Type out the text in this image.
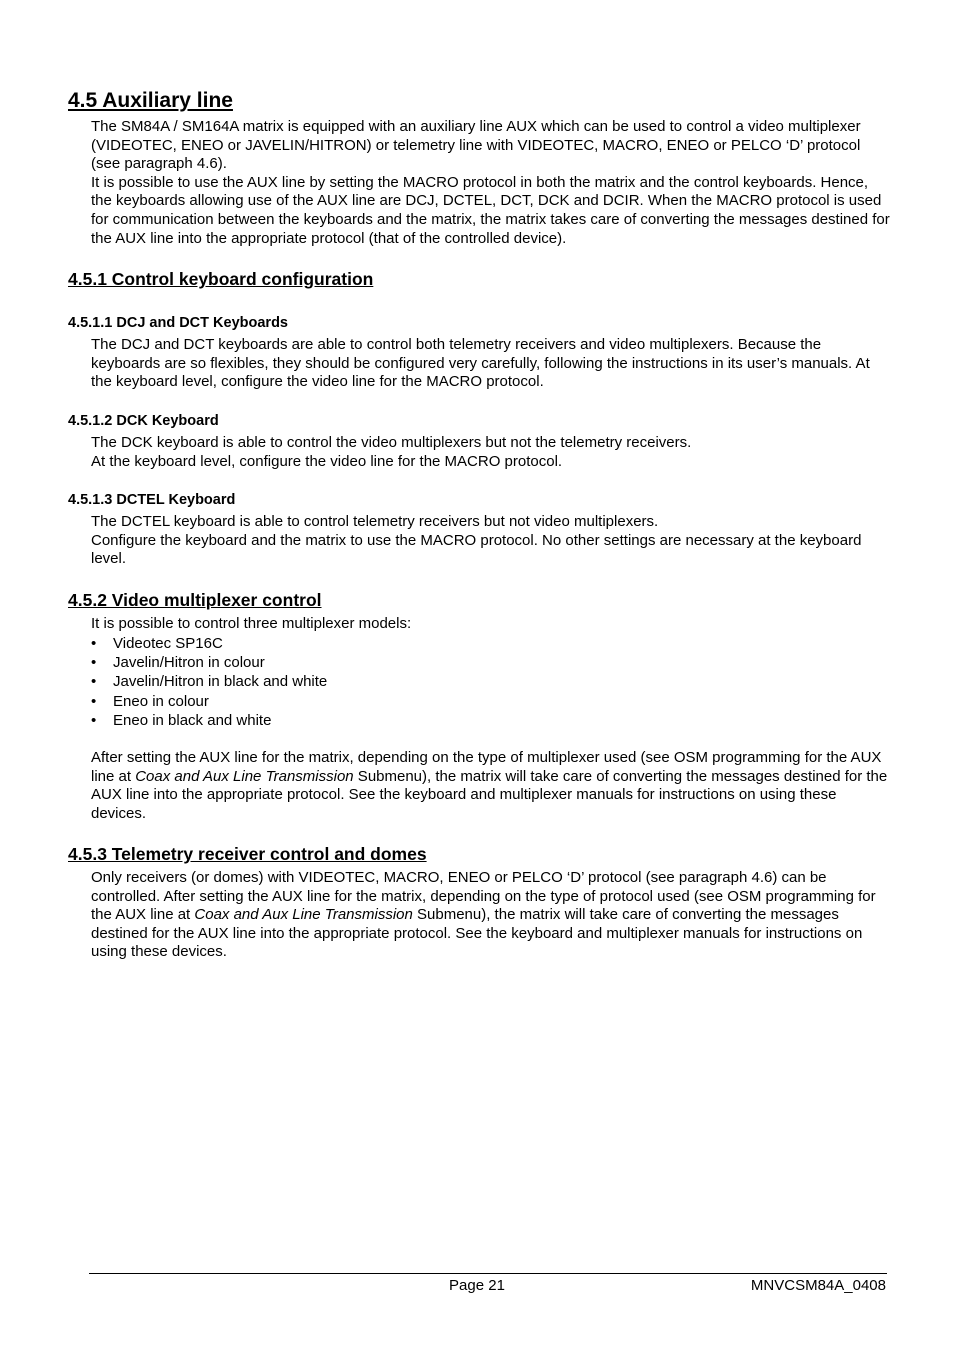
4.5 Auxiliary line

The SM84A / SM164A matrix is equipped with an auxiliary line AUX which can be used to control a video multiplexer (VIDEOTEC, ENEO or JAVELIN/HITRON) or telemetry line with VIDEOTEC, MACRO, ENEO or PELCO ‘D’ protocol (see paragraph 4.6).

It is possible to use the AUX line by setting the MACRO protocol in both the matrix and the control keyboards. Hence, the keyboards allowing use of the AUX line are DCJ, DCTEL, DCT, DCK and DCIR. When the MACRO protocol is used for communication between the keyboards and the matrix, the matrix takes care of converting the messages destined for the AUX line into the appropriate protocol (that of the controlled device).

4.5.1 Control keyboard configuration
4.5.1.1 DCJ and DCT Keyboards

The DCJ and DCT keyboards are able to control both telemetry receivers and video multiplexers. Because the keyboards are so flexibles, they should be configured very carefully, following the instructions in its user’s manuals. At the keyboard level, configure the video line for the MACRO protocol.

4.5.1.2 DCK Keyboard

The DCK keyboard is able to control the video multiplexers but not the telemetry receivers.

At the keyboard level, configure the video line for the MACRO protocol.

4.5.1.3 DCTEL Keyboard

The DCTEL keyboard is able to control telemetry receivers but not video multiplexers.

Configure the keyboard and the matrix to use the MACRO protocol. No other settings are necessary at the keyboard level.

4.5.2 Video multiplexer control

It is possible to control three multiplexer models:

• Videotec SP16C
• Javelin/Hitron in colour
• Javelin/Hitron in black and white
• Eneo in colour
• Eneo in black and white

After setting the AUX line for the matrix, depending on the type of multiplexer used (see OSM programming for the AUX line at Coax and Aux Line Transmission Submenu), the matrix will take care of converting the messages destined for the AUX line into the appropriate protocol. See the keyboard and multiplexer manuals for instructions on using these devices.

4.5.3 Telemetry receiver control and domes

Only receivers (or domes) with VIDEOTEC, MACRO, ENEO or PELCO ‘D’ protocol (see paragraph 4.6) can be controlled. After setting the AUX line for the matrix, depending on the type of protocol used (see OSM programming for the AUX line at Coax and Aux Line Transmission Submenu), the matrix will take care of converting the messages destined for the AUX line into the appropriate protocol. See the keyboard and multiplexer manuals for instructions on using these devices.

Page 21	MNVCSM84A_0408
